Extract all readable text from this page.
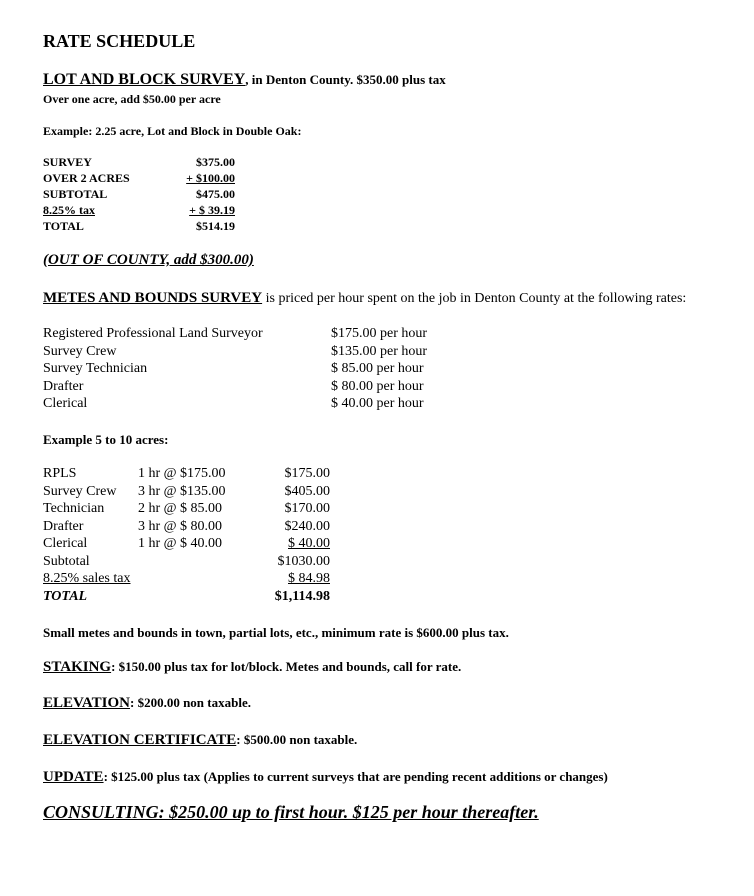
RATE SCHEDULE
LOT AND BLOCK SURVEY, in Denton County. $350.00 plus tax
Over one acre, add $50.00 per acre
Example: 2.25 acre, Lot and Block in Double Oak:
SURVEY	$375.00
OVER 2 ACRES	+ $100.00
SUBTOTAL	$475.00
8.25% tax	+ $ 39.19
TOTAL	$514.19
(OUT OF COUNTY, add $300.00)
METES AND BOUNDS SURVEY is priced per hour spent on the job in Denton County at the following rates:
Registered Professional Land Surveyor	$175.00 per hour
Survey Crew	$135.00 per hour
Survey Technician	$ 85.00 per hour
Drafter	$ 80.00 per hour
Clerical	$ 40.00 per hour
Example 5 to 10 acres:
RPLS	1 hr @ $175.00	$175.00
Survey Crew	3 hr @ $135.00	$405.00
Technician	2 hr @ $ 85.00	$170.00
Drafter	3 hr @ $ 80.00	$240.00
Clerical	1 hr @ $ 40.00	$ 40.00
Subtotal		$1030.00
8.25% sales tax		$ 84.98
TOTAL		$1,114.98
Small metes and bounds in town, partial lots, etc., minimum rate is $600.00 plus tax.
STAKING: $150.00 plus tax for lot/block. Metes and bounds, call for rate.
ELEVATION: $200.00 non taxable.
ELEVATION CERTIFICATE: $500.00 non taxable.
UPDATE: $125.00 plus tax (Applies to current surveys that are pending recent additions or changes)
CONSULTING: $250.00 up to first hour. $125 per hour thereafter.
